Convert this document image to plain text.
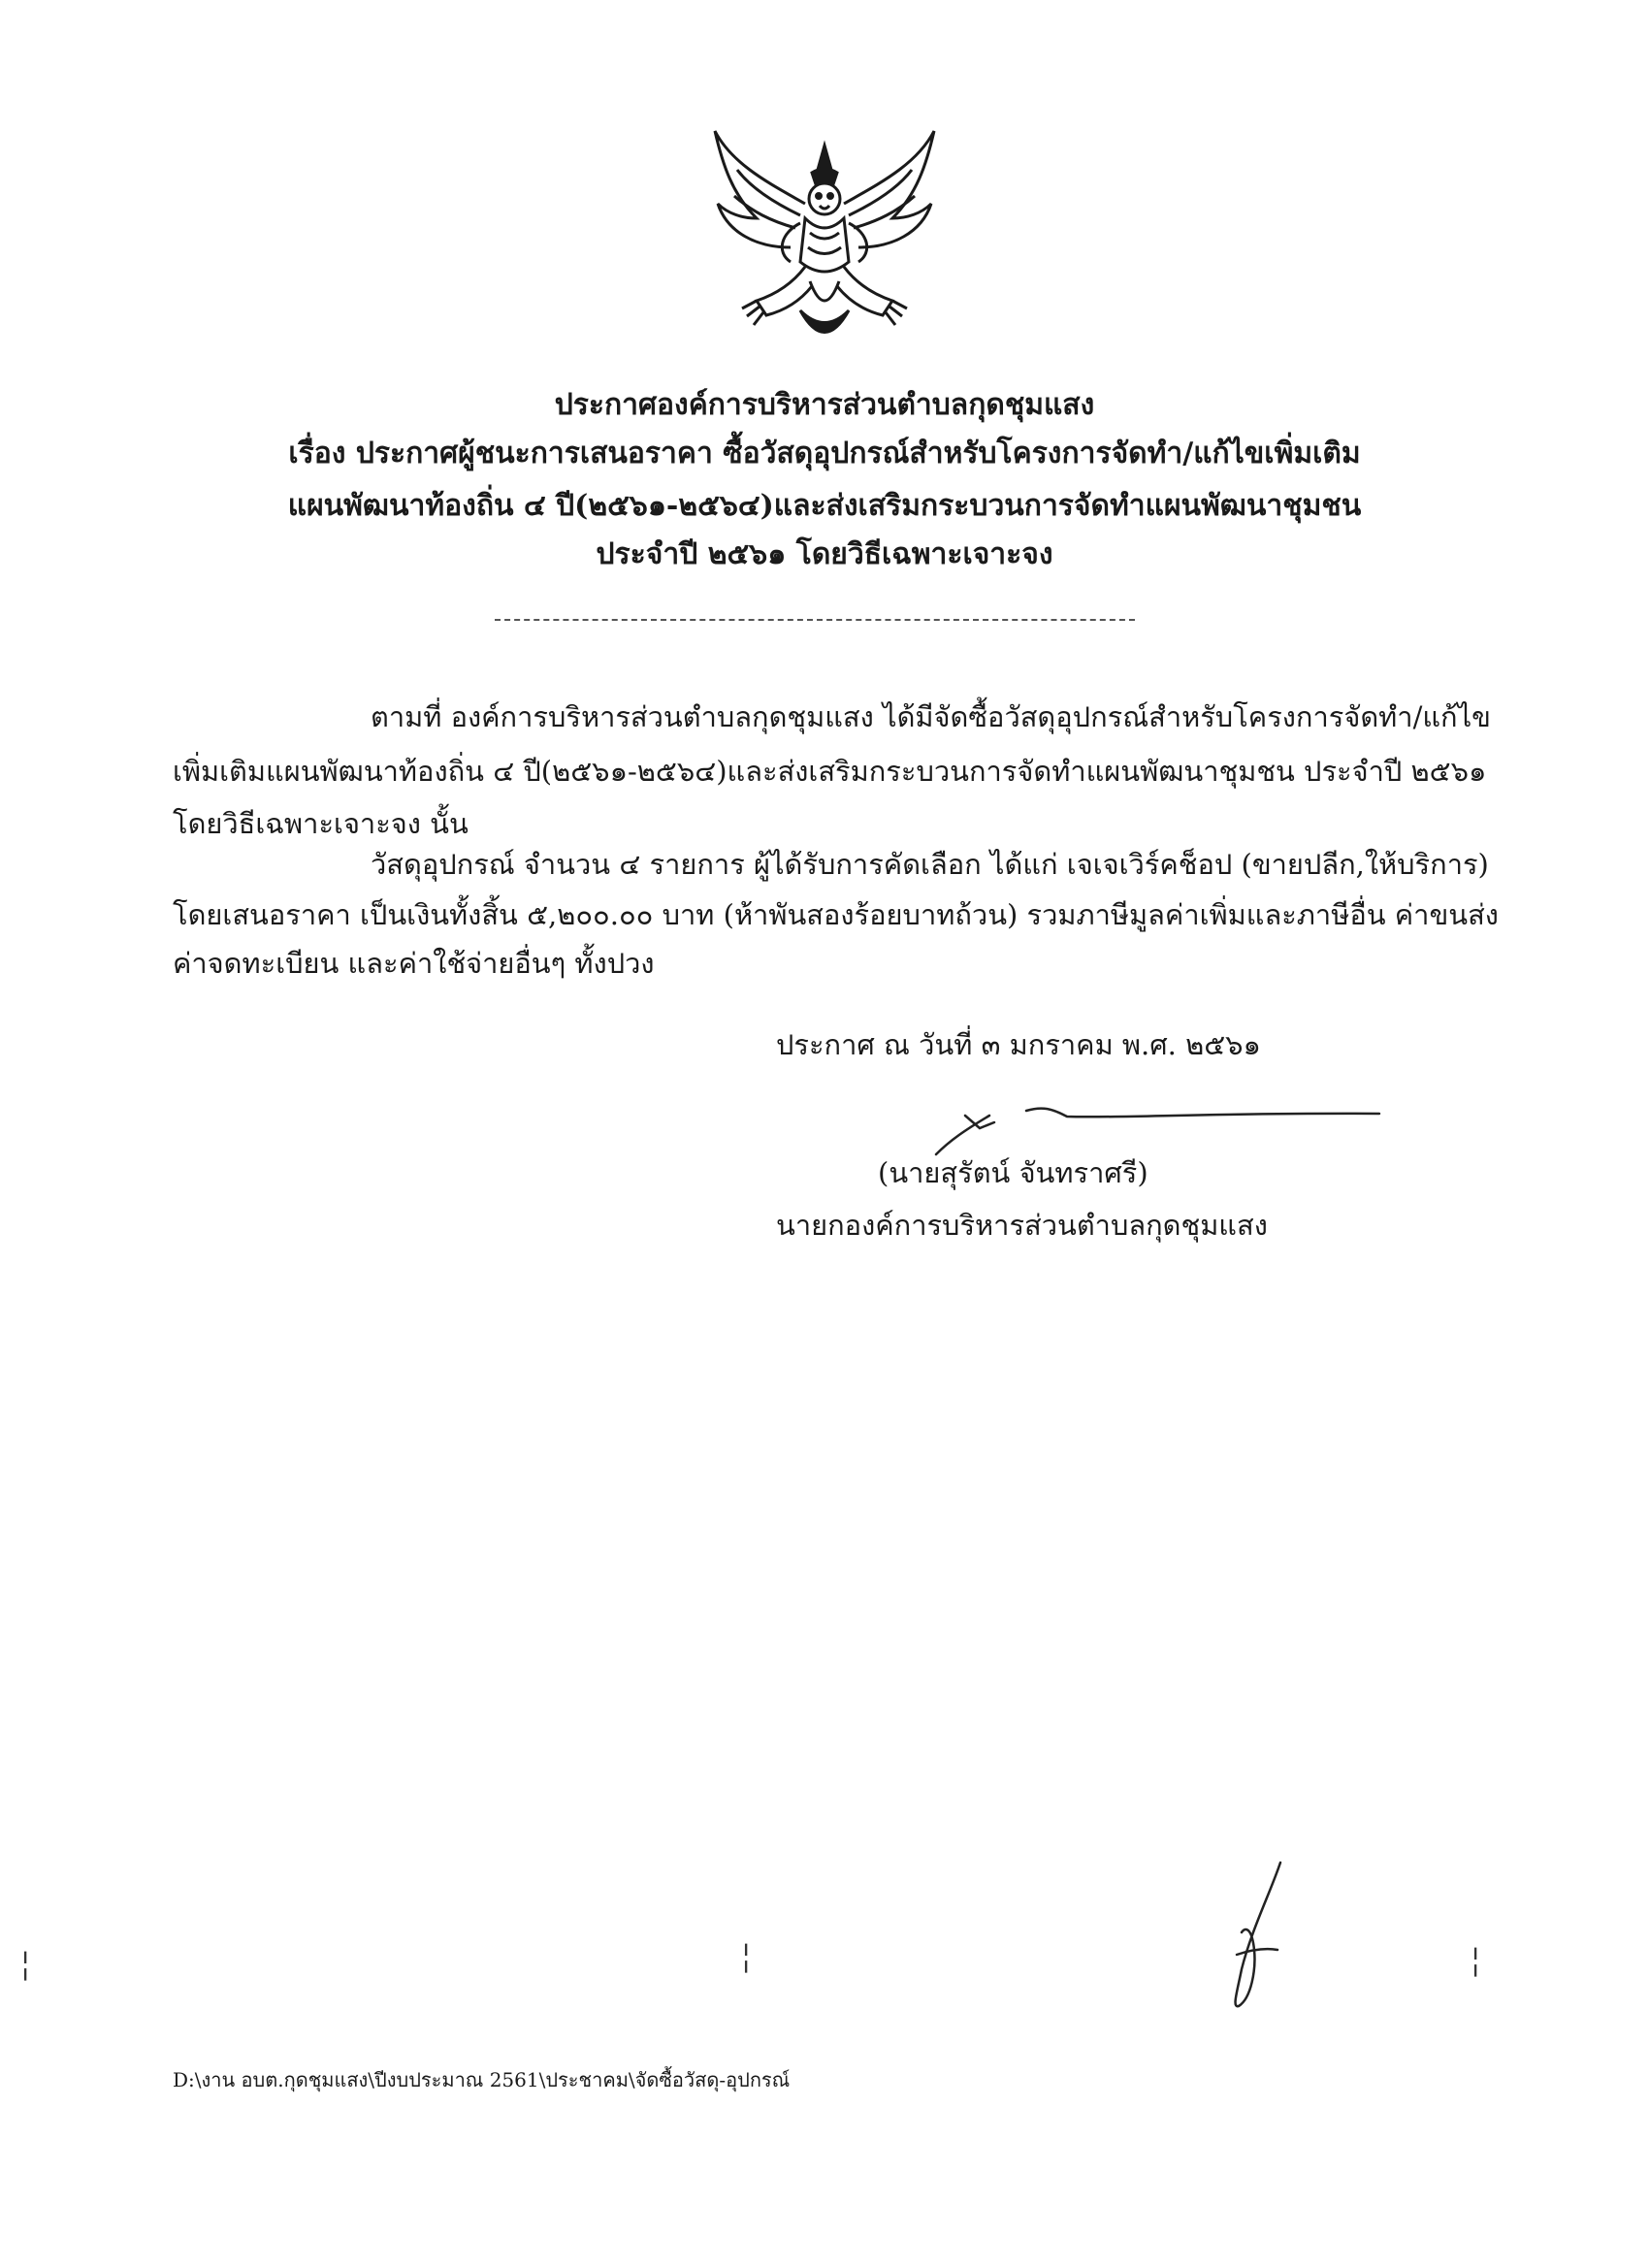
ประกาศองค์การบริหารส่วนตำบลกุดชุมแสง
เรื่อง ประกาศผู้ชนะการเสนอราคา ซื้อวัสดุอุปกรณ์สำหรับโครงการจัดทำ/แก้ไขเพิ่มเติม
แผนพัฒนาท้องถิ่น ๔ ปี(๒๕๖๑-๒๕๖๔)และส่งเสริมกระบวนการจัดทำแผนพัฒนาชุมชน
ประจำปี ๒๕๖๑ โดยวิธีเฉพาะเจาะจง
ตามที่ องค์การบริหารส่วนตำบลกุดชุมแสง ได้มีจัดซื้อวัสดุอุปกรณ์สำหรับโครงการจัดทำ/แก้ไข
เพิ่มเติมแผนพัฒนาท้องถิ่น ๔ ปี(๒๕๖๑-๒๕๖๔)และส่งเสริมกระบวนการจัดทำแผนพัฒนาชุมชน ประจำปี ๒๕๖๑
โดยวิธีเฉพาะเจาะจง นั้น
วัสดุอุปกรณ์ จำนวน ๔ รายการ ผู้ได้รับการคัดเลือก ได้แก่ เจเจเวิร์คช็อป (ขายปลีก,ให้บริการ)
โดยเสนอราคา เป็นเงินทั้งสิ้น ๕,๒๐๐.๐๐ บาท (ห้าพันสองร้อยบาทถ้วน) รวมภาษีมูลค่าเพิ่มและภาษีอื่น ค่าขนส่ง
ค่าจดทะเบียน และค่าใช้จ่ายอื่นๆ ทั้งปวง
ประกาศ ณ วันที่ ๓ มกราคม พ.ศ. ๒๕๖๑
(นายสุรัตน์ จันทราศรี)
นายกองค์การบริหารส่วนตำบลกุดชุมแสง
╎	╎	╎
D:\งาน อบต.กุดชุมแสง\ปีงบประมาณ 2561\ประชาคม\จัดซื้อวัสดุ-อุปกรณ์
